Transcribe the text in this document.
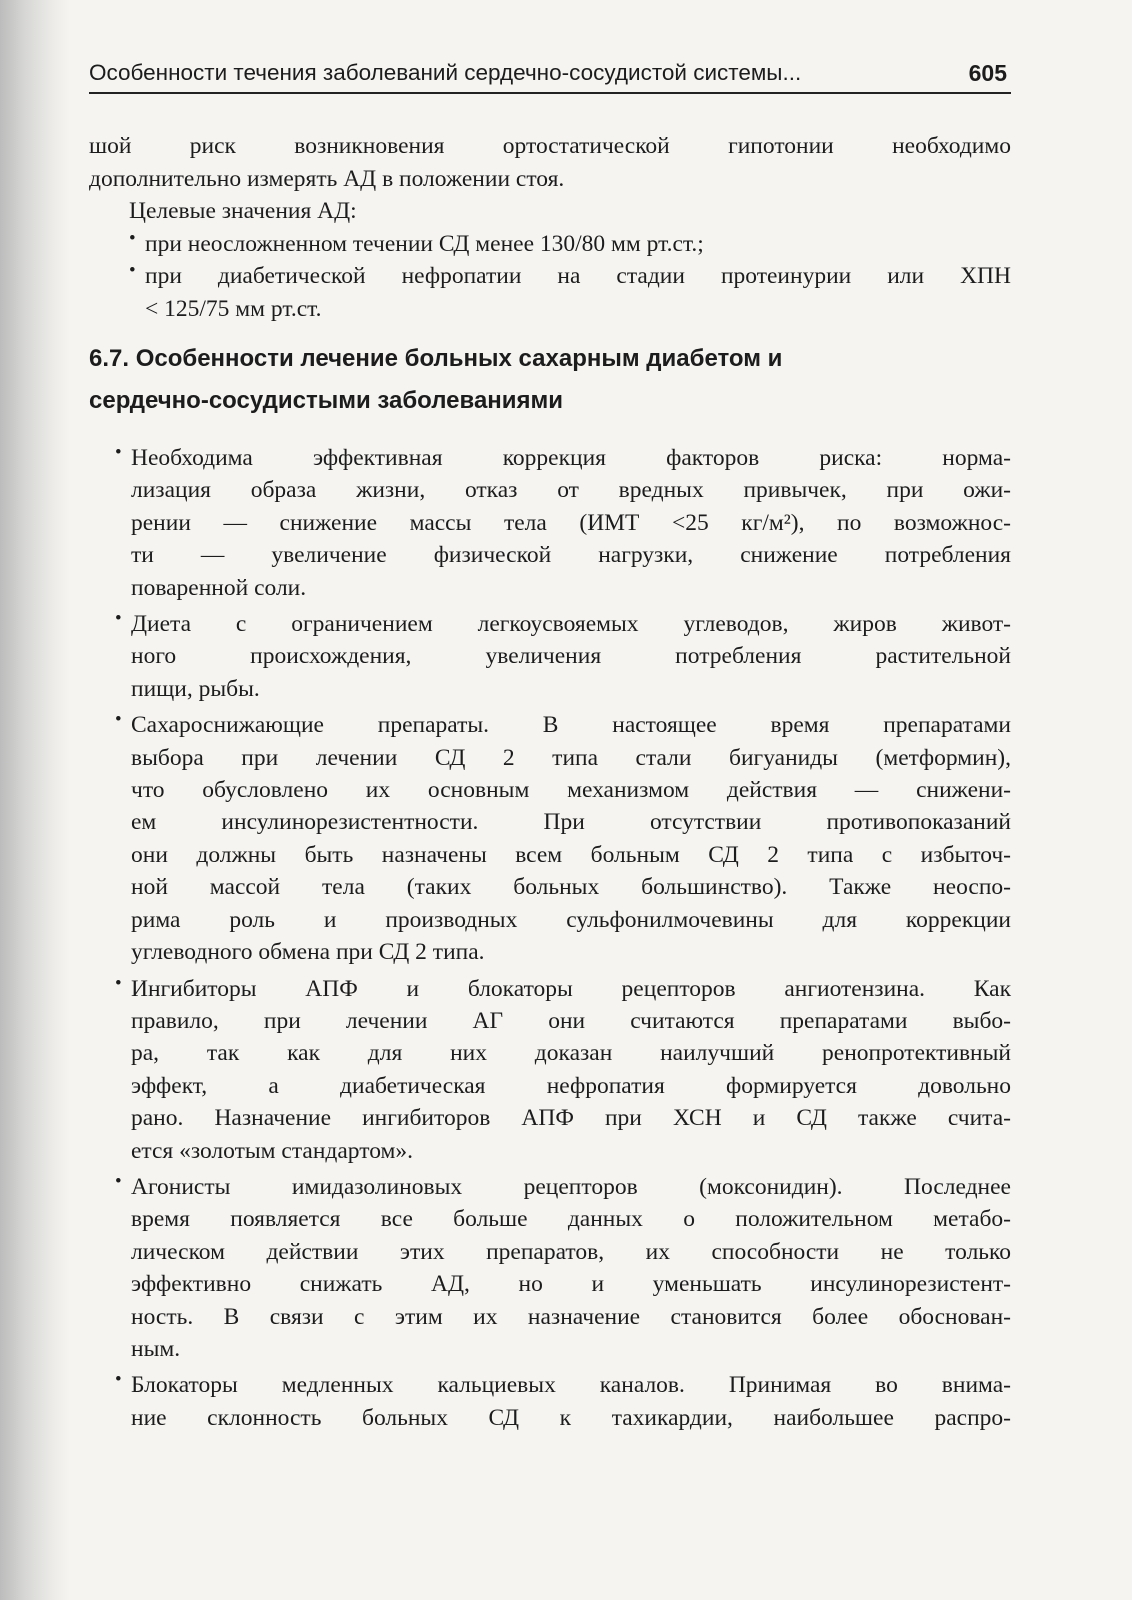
Особенности течения заболеваний сердечно-сосудистой системы...	605
шой риск возникновения ортостатической гипотонии необходимо
дополнительно измерять АД в положении стоя.
Целевые значения АД:
• при неосложненном течении СД менее 130/80 мм рт.ст.;
• при диабетической нефропатии на стадии протеинурии или ХПН
< 125/75 мм рт.ст.
6.7. Особенности лечение больных сахарным диабетом и
сердечно-сосудистыми заболеваниями
• Необходима эффективная коррекция факторов риска: норма-
лизация образа жизни, отказ от вредных привычек, при ожи-
рении — снижение массы тела (ИМТ <25 кг/м²), по возможнос-
ти — увеличение физической нагрузки, снижение потребления
поваренной соли.
• Диета с ограничением легкоусвояемых углеводов, жиров живот-
ного происхождения, увеличения потребления растительной
пищи, рыбы.
• Сахароснижающие препараты. В настоящее время препаратами
выбора при лечении СД 2 типа стали бигуаниды (метформин),
что обусловлено их основным механизмом действия — снижени-
ем инсулинорезистентности. При отсутствии противопоказаний
они должны быть назначены всем больным СД 2 типа с избыточ-
ной массой тела (таких больных большинство). Также неоспо-
рима роль и производных сульфонилмочевины для коррекции
углеводного обмена при СД 2 типа.
• Ингибиторы АПФ и блокаторы рецепторов ангиотензина. Как
правило, при лечении АГ они считаются препаратами выбо-
ра, так как для них доказан наилучший ренопротективный
эффект, а диабетическая нефропатия формируется довольно
рано. Назначение ингибиторов АПФ при ХСН и СД также счита-
ется «золотым стандартом».
• Агонисты имидазолиновых рецепторов (моксонидин). Последнее
время появляется все больше данных о положительном метабо-
лическом действии этих препаратов, их способности не только
эффективно снижать АД, но и уменьшать инсулинорезистент-
ность. В связи с этим их назначение становится более обоснован-
ным.
• Блокаторы медленных кальциевых каналов. Принимая во внима-
ние склонность больных СД к тахикардии, наибольшее распро-
